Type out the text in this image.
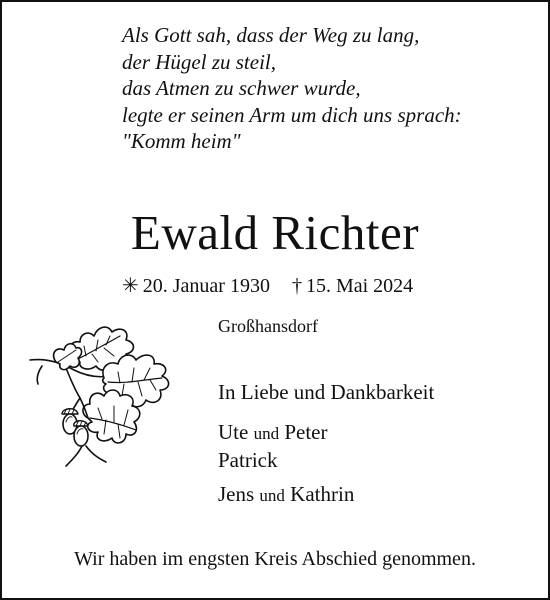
Als Gott sah, dass der Weg zu lang,
der Hügel zu steil,
das Atmen zu schwer wurde,
legte er seinen Arm um dich uns sprach:
"Komm heim"
Ewald Richter
✳ 20. Januar 1930 † 15. Mai 2024
Großhansdorf
In Liebe und Dankbarkeit
Ute und Peter
Patrick
Jens und Kathrin
Wir haben im engsten Kreis Abschied genommen.
